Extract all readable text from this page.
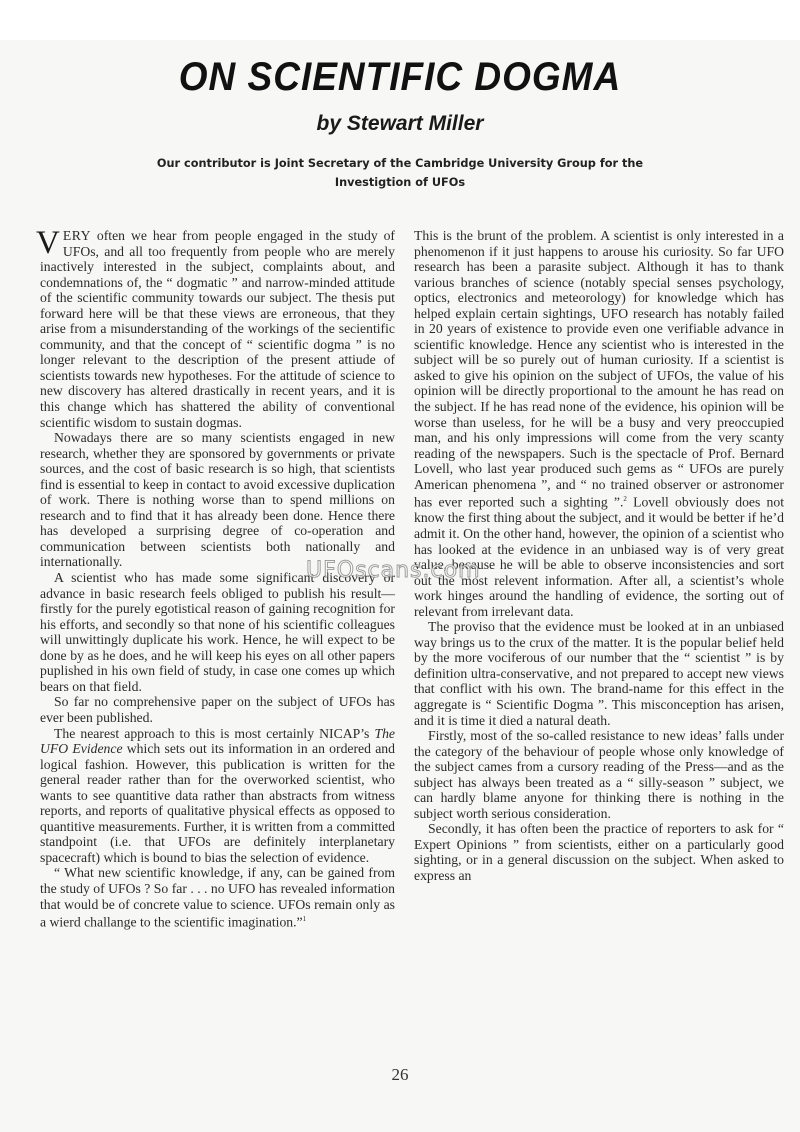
ON SCIENTIFIC DOGMA
by Stewart Miller
Our contributor is Joint Secretary of the Cambridge University Group for the Investigtion of UFOs

VERY often we hear from people engaged in the study of UFOs, and all too frequently from people who are merely inactively interested in the subject, complaints about, and condemnations of, the “ dogmatic ” and narrow-minded attitude of the scientific community towards our subject. The thesis put forward here will be that these views are erroneous, that they arise from a misunderstanding of the workings of the secientific community, and that the concept of “ scientific dogma ” is no longer relevant to the description of the present attiude of scientists towards new hypotheses. For the attitude of science to new discovery has altered drastically in recent years, and it is this change which has shattered the ability of conventional scientific wisdom to sustain dogmas.

Nowadays there are so many scientists engaged in new research, whether they are sponsored by governments or private sources, and the cost of basic research is so high, that scientists find is essential to keep in contact to avoid excessive duplication of work. There is nothing worse than to spend millions on research and to find that it has already been done. Hence there has developed a surprising degree of co-operation and communication between scientists both nationally and internationally.

A scientist who has made some significant discovery or advance in basic research feels obliged to publish his result—firstly for the purely egotistical reason of gaining recognition for his efforts, and secondly so that none of his scientific colleagues will unwittingly duplicate his work. Hence, he will expect to be done by as he does, and he will keep his eyes on all other papers puplished in his own field of study, in case one comes up which bears on that field.

So far no comprehensive paper on the subject of UFOs has ever been published.

The nearest approach to this is most certainly NICAP’s The UFO Evidence which sets out its information in an ordered and logical fashion. However, this publication is written for the general reader rather than for the overworked scientist, who wants to see quantitive data rather than abstracts from witness reports, and reports of qualitative physical effects as opposed to quantitive measurements. Further, it is written from a committed standpoint (i.e. that UFOs are definitely interplanetary spacecraft) which is bound to bias the selection of evidence.

“ What new scientific knowledge, if any, can be gained from the study of UFOs ? So far . . . no UFO has revealed information that would be of concrete value to science. UFOs remain only as a wierd challange to the scientific imagination.”$^1$

This is the brunt of the problem. A scientist is only interested in a phenomenon if it just happens to arouse his curiosity. So far UFO research has been a parasite subject. Although it has to thank various branches of science (notably special senses psychology, optics, electronics and meteorology) for knowledge which has helped explain certain sightings, UFO research has notably failed in 20 years of existence to provide even one verifiable advance in scientific knowledge. Hence any scientist who is interested in the subject will be so purely out of human curiosity. If a scientist is asked to give his opinion on the subject of UFOs, the value of his opinion will be directly proportional to the amount he has read on the subject. If he has read none of the evidence, his opinion will be worse than useless, for he will be a busy and very preoccupied man, and his only impressions will come from the very scanty reading of the newspapers. Such is the spectacle of Prof. Bernard Lovell, who last year produced such gems as “ UFOs are purely American phenomena ”, and “ no trained observer or astronomer has ever reported such a sighting ”.$^2$ Lovell obviously does not know the first thing about the subject, and it would be better if he’d admit it. On the other hand, however, the opinion of a scientist who has looked at the evidence in an unbiased way is of very great value, because he will be able to observe inconsistencies and sort out the most relevent information. After all, a scientist’s whole work hinges around the handling of evidence, the sorting out of relevant from irrelevant data.

The proviso that the evidence must be looked at in an unbiased way brings us to the crux of the matter. It is the popular belief held by the more vociferous of our number that the “ scientist ” is by definition ultra-conservative, and not prepared to accept new views that conflict with his own. The brand-name for this effect in the aggregate is “ Scientific Dogma ”. This misconception has arisen, and it is time it died a natural death.

Firstly, most of the so-called resistance to new ideas’ falls under the category of the behaviour of people whose only knowledge of the subject cames from a cursory reading of the Press—and as the subject has always been treated as a “ silly-season ” subject, we can hardly blame anyone for thinking there is nothing in the subject worth serious consideration.

Secondly, it has often been the practice of reporters to ask for “ Expert Opinions ” from scientists, either on a particularly good sighting, or in a general discussion on the subject. When asked to express an

UFOscans.com
26
